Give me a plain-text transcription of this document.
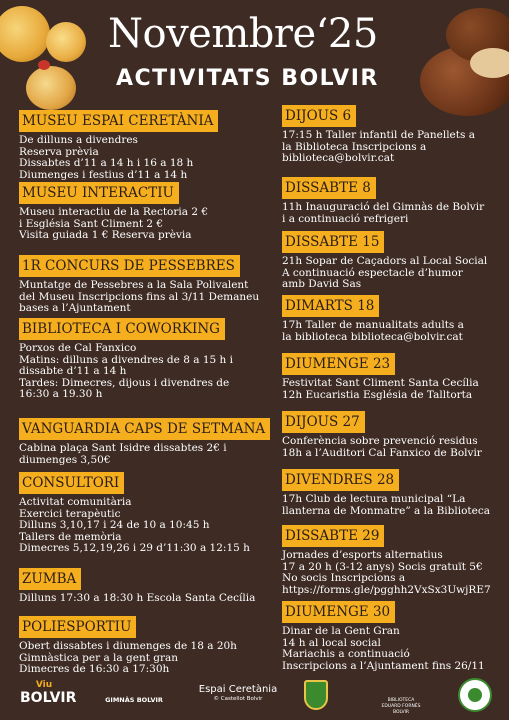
Novembre‘25
ACTIVITATS BOLVIR
MUSEU ESPAI CERETÀNIA
De dilluns a divendres
Reserva prèvia
Dissabtes d’11 a 14 h i 16 a 18 h
Diumenges i festius d’11 a 14 h
MUSEU INTERACTIU
Museu interactiu de la Rectoria 2 €
i Església Sant Climent 2 €
Visita guiada 1 € Reserva prèvia
1R CONCURS DE PESSEBRES
Muntatge de Pessebres a la Sala Polivalent
del Museu Inscripcions fins al 3/11 Demaneu
bases a l’Ajuntament
BIBLIOTECA I COWORKING
Porxos de Cal Fanxico
Matins: dilluns a divendres de 8 a 15 h i
dissabte d’11 a 14 h
Tardes: Dimecres, dijous i divendres de
16:30 a 19.30 h
VANGUARDIA CAPS DE SETMANA
Cabina plaça Sant Isidre dissabtes 2€ i
diumenges 3,50€
CONSULTORI
Activitat comunitària
Exercici terapèutic
Dilluns 3,10,17 i 24 de 10 a 10:45 h
Tallers de memòria
Dimecres 5,12,19,26 i 29 d’11:30 a 12:15 h
ZUMBA
Dilluns 17:30 a 18:30 h Escola Santa Cecília
POLIESPORTIU
Obert dissabtes i diumenges de 18 a 20h
Gimnàstica per a la gent gran
Dimecres de 16:30 a 17:30h
DIJOUS 6
17:15 h Taller infantil de Panellets a
la Biblioteca Inscripcions a
biblioteca@bolvir.cat
DISSABTE 8
11h Inauguració del Gimnàs de Bolvir
i a continuació refrigeri
DISSABTE 15
21h Sopar de Caçadors al Local Social
A continuació espectacle d’humor
amb David Sas
DIMARTS 18
17h Taller de manualitats adults a
la biblioteca biblioteca@bolvir.cat
DIUMENGE 23
Festivitat Sant Climent Santa Cecília
12h Eucaristia Església de Talltorta
DIJOUS 27
Conferència sobre prevenció residus
18h a l’Auditori Cal Fanxico de Bolvir
DIVENDRES 28
17h Club de lectura municipal “La
llanterna de Monmatre” a la Biblioteca
DISSABTE 29
Jornades d’esports alternatius
17 a 20 h (3-12 anys) Socis gratuït 5€
No socis Inscripcions a
https://forms.gle/pgghh2VxSx3UwjRE7
DIUMENGE 30
Dinar de la Gent Gran
14 h al local social
Mariachis a continuació
Inscripcions a l’Ajuntament fins 26/11
Viu
BOLVIR	GIMNÀS BOLVIR
Espai Ceretània
© Castellot Bolvir	BIBLIOTECA EDUARD FORNÉS BOLVIR
